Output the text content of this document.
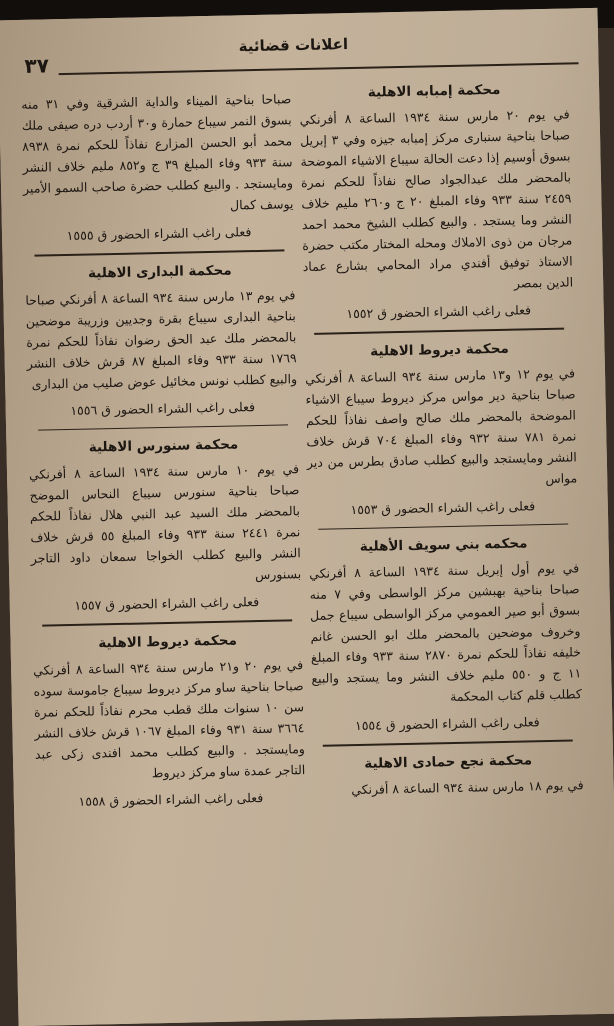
٣٧
اعلانات قضائية
محكمة إمبابه الاهلية
في يوم ٢٠ مارس سنة ١٩٣٤ الساعة ٨ أفرنكي صباحا بناحية سنبارى مركز إمبابه جيزه وفي ٣ إبريل بسوق أوسيم إذا دعت الحالة سيباع الاشياء الموضحة بالمحضر ملك عبدالجواد صالح نفاذاً للحكم نمرة ٢٤٥٩ سنة ٩٣٣ وفاء المبلغ ٢٠ ج و٢٦٠ مليم خلاف النشر وما يستجد . والبيع كطلب الشيخ محمد احمد مرجان من ذوى الاملاك ومحله المختار مكتب حضرة الاستاذ توفيق أفندي مراد المحامي بشارع عماد الدين بمصر
فعلى راغب الشراء الحضور ق ١٥٥٢
محكمة ديروط الاهلية
في يوم ١٢ و١٣ مارس سنة ٩٣٤ الساعة ٨ أفرنكي صباحا بناحية دير مواس مركز ديروط سيباع الاشياء الموضحة بالمحضر ملك صالح واصف نفاذاً للحكم نمرة ٧٨١ سنة ٩٣٢ وفاء المبلغ ٧٠٤ قرش خلاف النشر ومايستجد والبيع كطلب صادق بطرس من دير مواس
فعلى راغب الشراء الحضور ق ١٥٥٣
محكمه بني سويف الأهلية
في يوم أول إبريل سنة ١٩٣٤ الساعة ٨ أفرنكي صباحا بناحية بهبشين مركز الواسطى وفي ٧ منه بسوق أبو صير العمومي مركز الواسطى سيباع جمل وخروف موضحين بالمحضر ملك ابو الحسن غانم خليفه نفاذاً للحكم نمرة ٢٨٧٠ سنة ٩٣٣ وفاء المبلغ ١١ ج و ٥٥٠ مليم خلاف النشر وما يستجد والبيع كطلب قلم كتاب المحكمة
فعلى راغب الشراء الحضور ق ١٥٥٤
محكمة نجع حمادى الاهلية
في يوم ١٨ مارس سنة ٩٣٤ الساعة ٨ أفرنكي
صباحا بناحية الميناء والداية الشرقية وفي ٣١ منه بسوق النمر سيباع حمارة و٣٠ أردب دره صيفى ملك محمد أبو الحسن المزارع نفاذاً للحكم نمرة ٨٩٣٨ سنة ٩٣٣ وفاء المبلغ ٣٩ ج و٨٥٢ مليم خلاف النشر ومايستجد . والبيع كطلب حضرة صاحب السمو الأمير يوسف كمال
فعلى راغب الشراء الحضور ق ١٥٥٥
محكمة البدارى الاهلية
في يوم ١٣ مارس سنة ٩٣٤ الساعة ٨ أفرنكي صباحا بناحية البدارى سيباع بقرة وجديين وزريبة موضحين بالمحضر ملك عبد الحق رضوان نفاذاً للحكم نمرة ١٧٦٩ سنة ٩٣٣ وفاء المبلغ ٨٧ قرش خلاف النشر والبيع كطلب نونس مخائيل عوض صليب من البدارى
فعلى راغب الشراء الحضور ق ١٥٥٦
محكمة سنورس الاهلية
في يوم ١٠ مارس سنة ١٩٣٤ الساعة ٨ أفرنكي صباحا بناحية سنورس سيباع النحاس الموضح بالمحضر ملك السيد عبد النبي هلال نفاذاً للحكم نمرة ٢٤٤١ سنة ٩٣٣ وفاء المبلغ ٥٥ قرش خلاف النشر والبيع كطلب الخواجا سمعان داود التاجر بسنورس
فعلى راغب الشراء الحضور ق ١٥٥٧
محكمة ديروط الاهلية
في يوم ٢٠ و٢١ مارس سنة ٩٣٤ الساعة ٨ أفرنكي صباحا بناحية ساو مركز ديروط سيباع جاموسة سوده سن ١٠ سنوات ملك قطب محرم نفاذاً للحكم نمرة ٣٦٦٤ سنة ٩٣١ وفاء المبلغ ١٠٦٧ قرش خلاف النشر ومايستجد . والبيع كطلب محمد افندى زكى عبد التاجر عمدة ساو مركز ديروط
فعلى راغب الشراء الحضور ق ١٥٥٨
